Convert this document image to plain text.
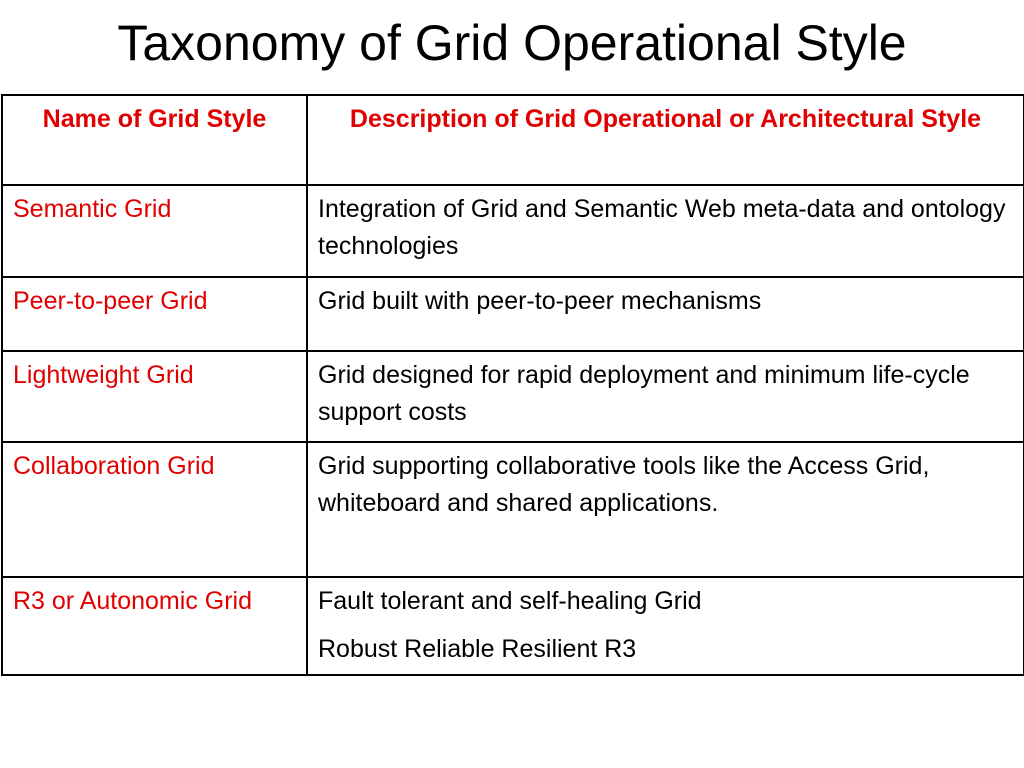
Taxonomy of Grid Operational Style
Name of Grid Style	Description of Grid Operational or Architectural Style
Semantic Grid	Integration of Grid and Semantic Web meta-data and ontology technologies

Peer-to-peer Grid	Grid built with peer-to-peer mechanisms

Lightweight Grid	Grid designed for rapid deployment and minimum life-cycle support costs

Collaboration Grid	Grid supporting collaborative tools like the Access Grid, whiteboard and shared applications.

R3 or Autonomic Grid	Fault tolerant and self-healing Grid
Robust Reliable Resilient R3
